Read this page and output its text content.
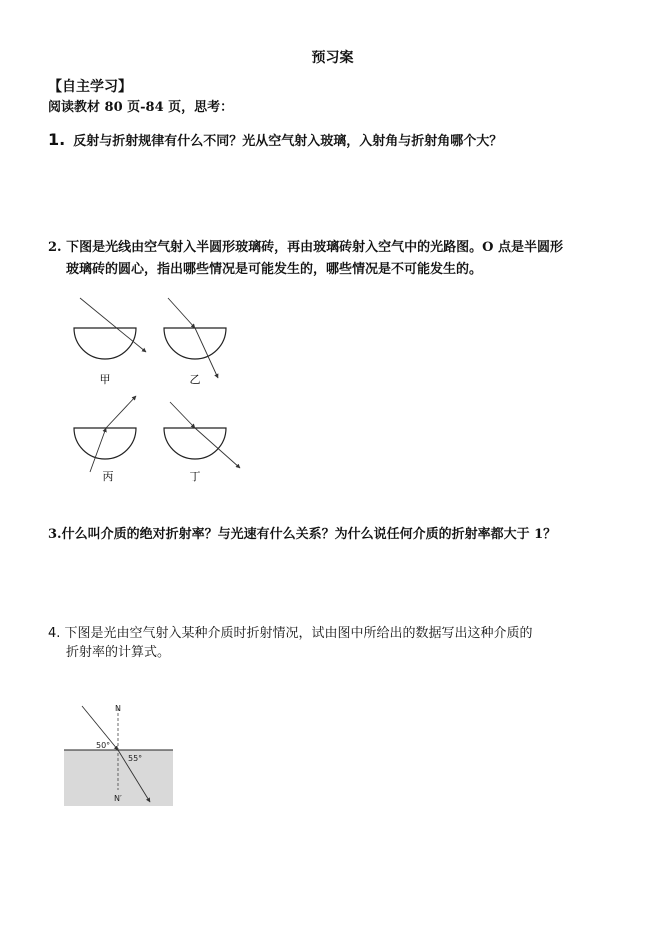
预习案
【自主学习】
阅读教材 80 页-84 页，思考：
1. 反射与折射规律有什么不同？光从空气射入玻璃，入射角与折射角哪个大？
2. 下图是光线由空气射入半圆形玻璃砖，再由玻璃砖射入空气中的光路图。O 点是半圆形
玻璃砖的圆心，指出哪些情况是可能发生的，哪些情况是不可能发生的。
甲	乙
丙	丁
3.什么叫介质的绝对折射率？与光速有什么关系？为什么说任何介质的折射率都大于 1？
4. 下图是光由空气射入某种介质时折射情况，试由图中所给出的数据写出这种介质的
折射率的计算式。
N
N′
50°
55°
